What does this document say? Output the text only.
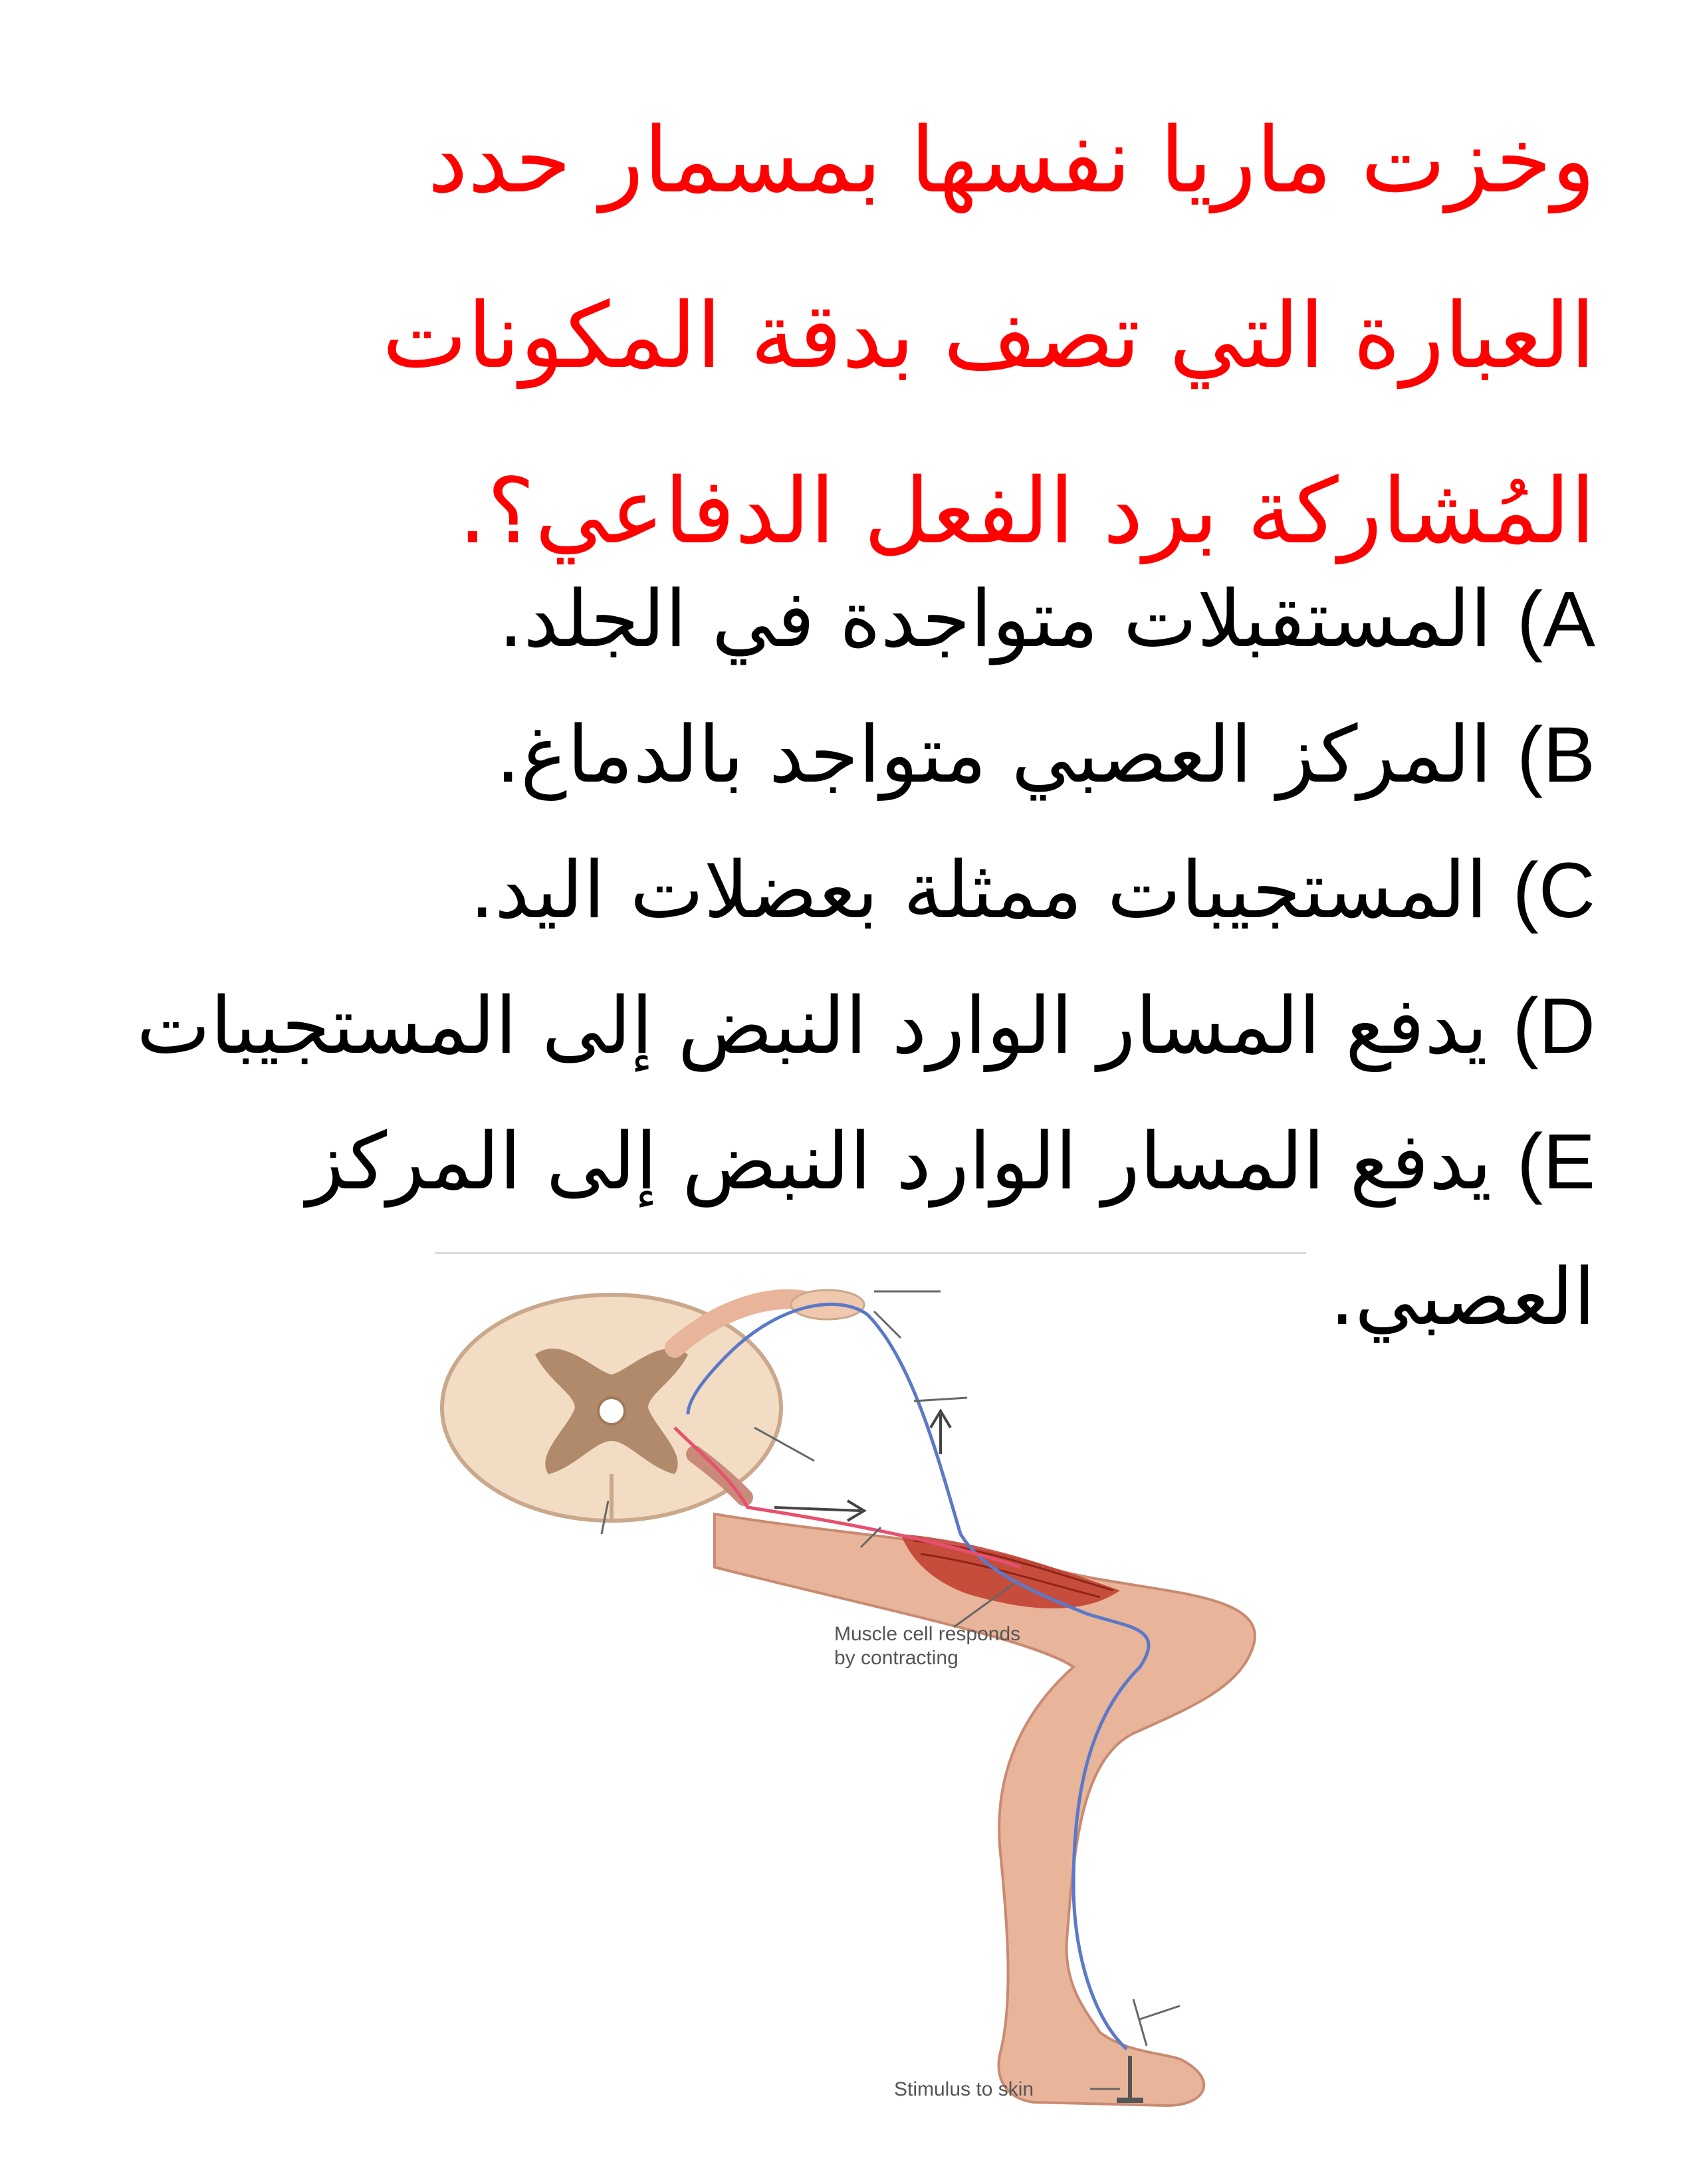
وخزت ماريا نفسها بمسمار حدد
العبارة التي تصف بدقة المكونات
المُشاركة برد الفعل الدفاعي؟.
A) المستقبلات متواجدة في الجلد.
B) المركز العصبي متواجد بالدماغ.
C) المستجيبات ممثلة بعضلات اليد.
D) يدفع المسار الوارد النبض إلى المستجيبات
E) يدفع المسار الوارد النبض إلى المركز
العصبي.
Muscle cell responds by contracting
Stimulus to skin
